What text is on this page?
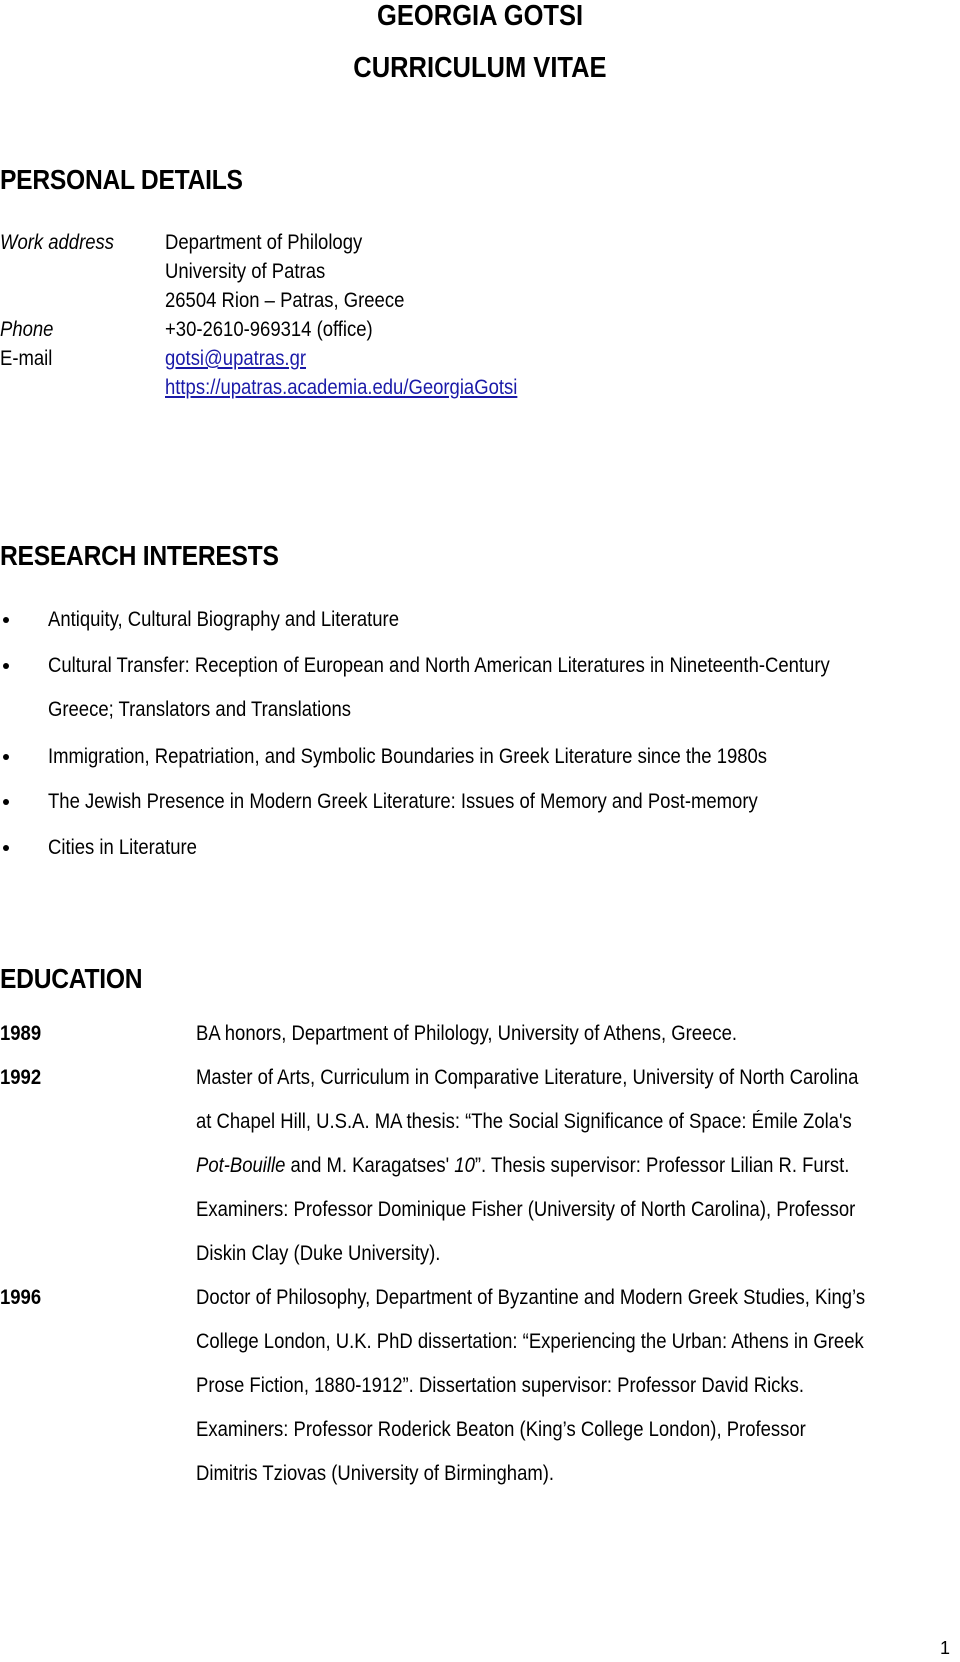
GEORGIA GOTSI
CURRICULUM VITAE
PERSONAL DETAILS
Work address	Department of Philology
University of Patras
26504 Rion – Patras, Greece
Phone	+30-2610-969314 (office)
E-mail	gotsi@upatras.gr
https://upatras.academia.edu/GeorgiaGotsi
RESEARCH INTERESTS
Antiquity, Cultural Biography and Literature
Cultural Transfer: Reception of European and North American Literatures in Nineteenth-Century
Greece; Translators and Translations
Immigration, Repatriation, and Symbolic Boundaries in Greek Literature since the 1980s
The Jewish Presence in Modern Greek Literature: Issues of Memory and Post-memory
Cities in Literature
EDUCATION
1989	BA honors, Department of Philology, University of Athens, Greece.
1992	Master of Arts, Curriculum in Comparative Literature, University of North Carolina
at Chapel Hill, U.S.A. MA thesis: “The Social Significance of Space: Émile Zola's
Pot-Bouille and M. Karagatses' 10”. Thesis supervisor: Professor Lilian R. Furst.
Examiners: Professor Dominique Fisher (University of North Carolina), Professor
Diskin Clay (Duke University).
1996	Doctor of Philosophy, Department of Byzantine and Modern Greek Studies, King’s
College London, U.K. PhD dissertation: “Experiencing the Urban: Athens in Greek
Prose Fiction, 1880-1912”. Dissertation supervisor: Professor David Ricks.
Examiners: Professor Roderick Beaton (King’s College London), Professor
Dimitris Tziovas (University of Birmingham).
1
